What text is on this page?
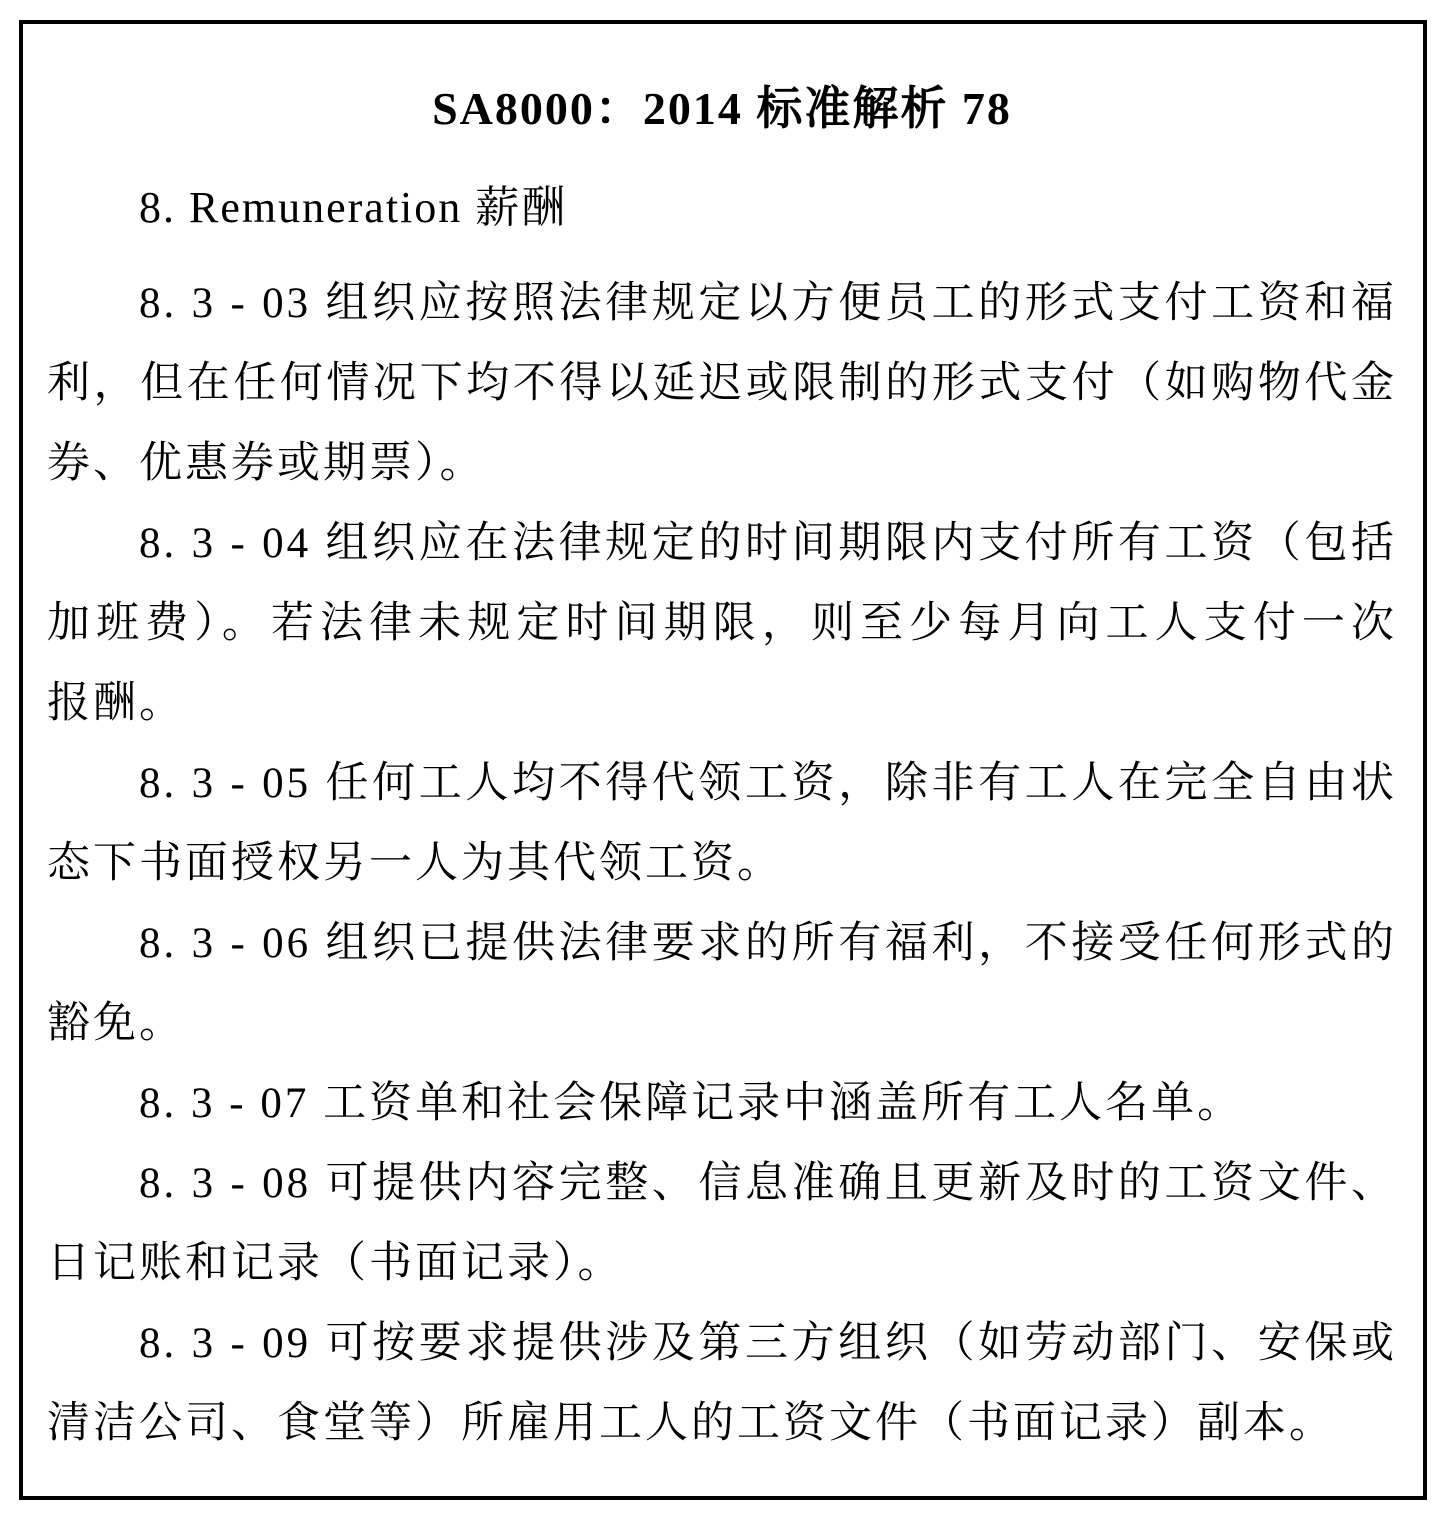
SA8000：2014 标准解析 78
8. Remuneration 薪酬
8. 3 - 03 组织应按照法律规定以方便员工的形式支付工资和福
利，但在任何情况下均不得以延迟或限制的形式支付（如购物代金
券、优惠券或期票）。
8. 3 - 04 组织应在法律规定的时间期限内支付所有工资（包括
加班费）。若法律未规定时间期限，则至少每月向工人支付一次
报酬。
8. 3 - 05 任何工人均不得代领工资，除非有工人在完全自由状
态下书面授权另一人为其代领工资。
8. 3 - 06 组织已提供法律要求的所有福利，不接受任何形式的
豁免。
8. 3 - 07 工资单和社会保障记录中涵盖所有工人名单。
8. 3 - 08 可提供内容完整、信息准确且更新及时的工资文件、
日记账和记录（书面记录）。
8. 3 - 09 可按要求提供涉及第三方组织（如劳动部门、安保或
清洁公司、食堂等）所雇用工人的工资文件（书面记录）副本。
